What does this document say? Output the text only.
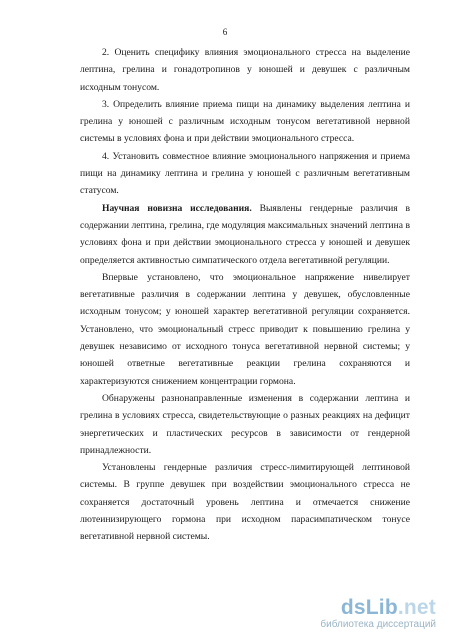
6

2. Оценить специфику влияния эмоционального стресса на выделение лептина, грелина и гонадотропинов у юношей и девушек с различным исходным тонусом.

3. Определить влияние приема пищи на динамику выделения лептина и грелина у юношей с различным исходным тонусом вегетативной нервной системы в условиях фона и при действии эмоционального стресса.

4. Установить совместное влияние эмоционального напряжения и приема пищи на динамику лептина и грелина у юношей с различным вегетативным статусом.

Научная новизна исследования. Выявлены гендерные различия в содержании лептина, грелина, где модуляция максимальных значений лептина в условиях фона и при действии эмоционального стресса у юношей и девушек определяется активностью симпатического отдела вегетативной регуляции.

Впервые установлено, что эмоциональное напряжение нивелирует вегетативные различия в содержании лептина у девушек, обусловленные исходным тонусом; у юношей характер вегетативной регуляции сохраняется. Установлено, что эмоциональный стресс приводит к повышению грелина у девушек независимо от исходного тонуса вегетативной нервной системы; у юношей ответные вегетативные реакции грелина сохраняются и характеризуются снижением концентрации гормона.

Обнаружены разнонаправленные изменения в содержании лептина и грелина в условиях стресса, свидетельствующие о разных реакциях на дефицит энергетических и пластических ресурсов в зависимости от гендерной принадлежности.

Установлены гендерные различия стресс-лимитирующей лептиновой системы. В группе девушек при воздействии эмоционального стресса не сохраняется достаточный уровень лептина и отмечается снижение лютеинизирующего гормона при исходном парасимпатическом тонусе вегетативной нервной системы.

dsLib.net
библиотека диссертаций
